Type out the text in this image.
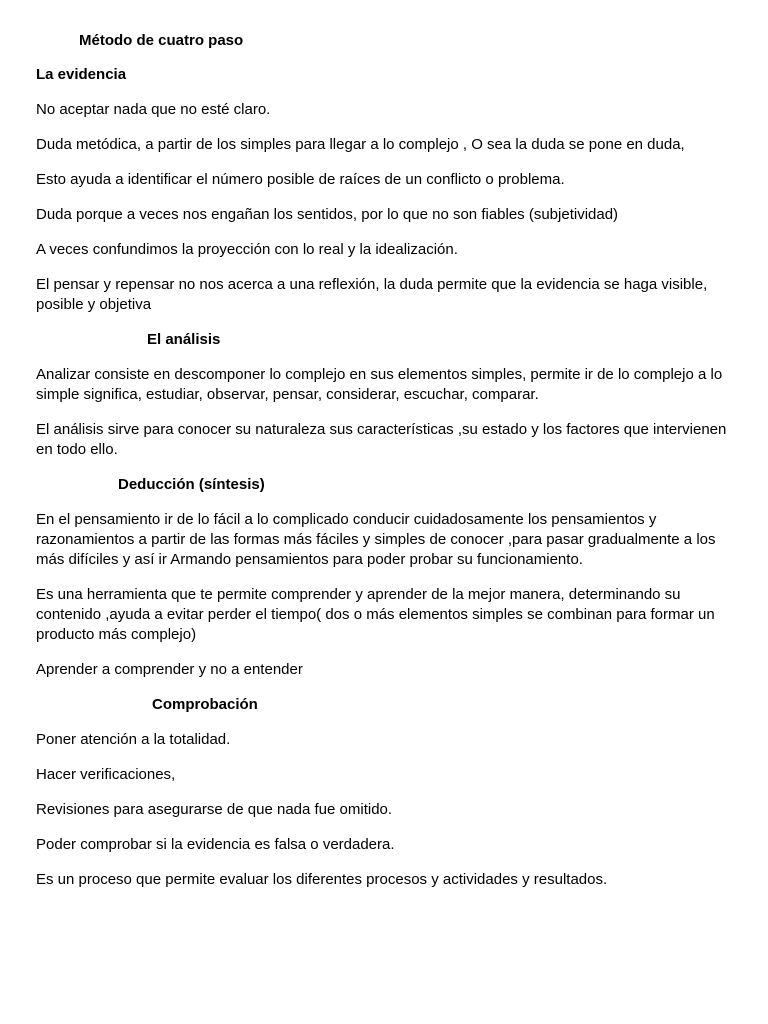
Método de cuatro paso
La evidencia
No aceptar nada que no esté claro.
Duda metódica, a partir de los simples para llegar a lo complejo , O sea la duda se pone en duda,
Esto ayuda a identificar el número posible de raíces de un conflicto o problema.
Duda porque a veces nos engañan los sentidos, por lo que no son fiables (subjetividad)
A veces confundimos la proyección con lo real y la idealización.
El pensar y repensar no nos acerca a una reflexión, la duda permite que la evidencia se haga visible, posible y objetiva
El análisis
Analizar consiste en descomponer lo complejo en sus elementos simples, permite ir de lo complejo a lo simple significa, estudiar, observar, pensar, considerar, escuchar, comparar.
El análisis sirve para conocer su naturaleza sus características ,su estado y los factores que intervienen en todo ello.
Deducción (síntesis)
En el pensamiento ir de lo fácil a lo complicado conducir cuidadosamente los pensamientos y razonamientos a partir de las formas más fáciles y simples de conocer ,para pasar gradualmente a los más difíciles y así ir Armando pensamientos para poder probar su funcionamiento.
Es una herramienta que te permite comprender y aprender de la mejor manera, determinando su contenido ,ayuda a evitar perder el tiempo( dos o más elementos simples se combinan para formar un producto más complejo)
Aprender a comprender y no a entender
Comprobación
Poner atención a la totalidad.
Hacer verificaciones,
Revisiones para asegurarse de que nada fue omitido.
Poder comprobar si la evidencia es falsa o verdadera.
Es un proceso que permite evaluar los diferentes procesos y actividades y resultados.
